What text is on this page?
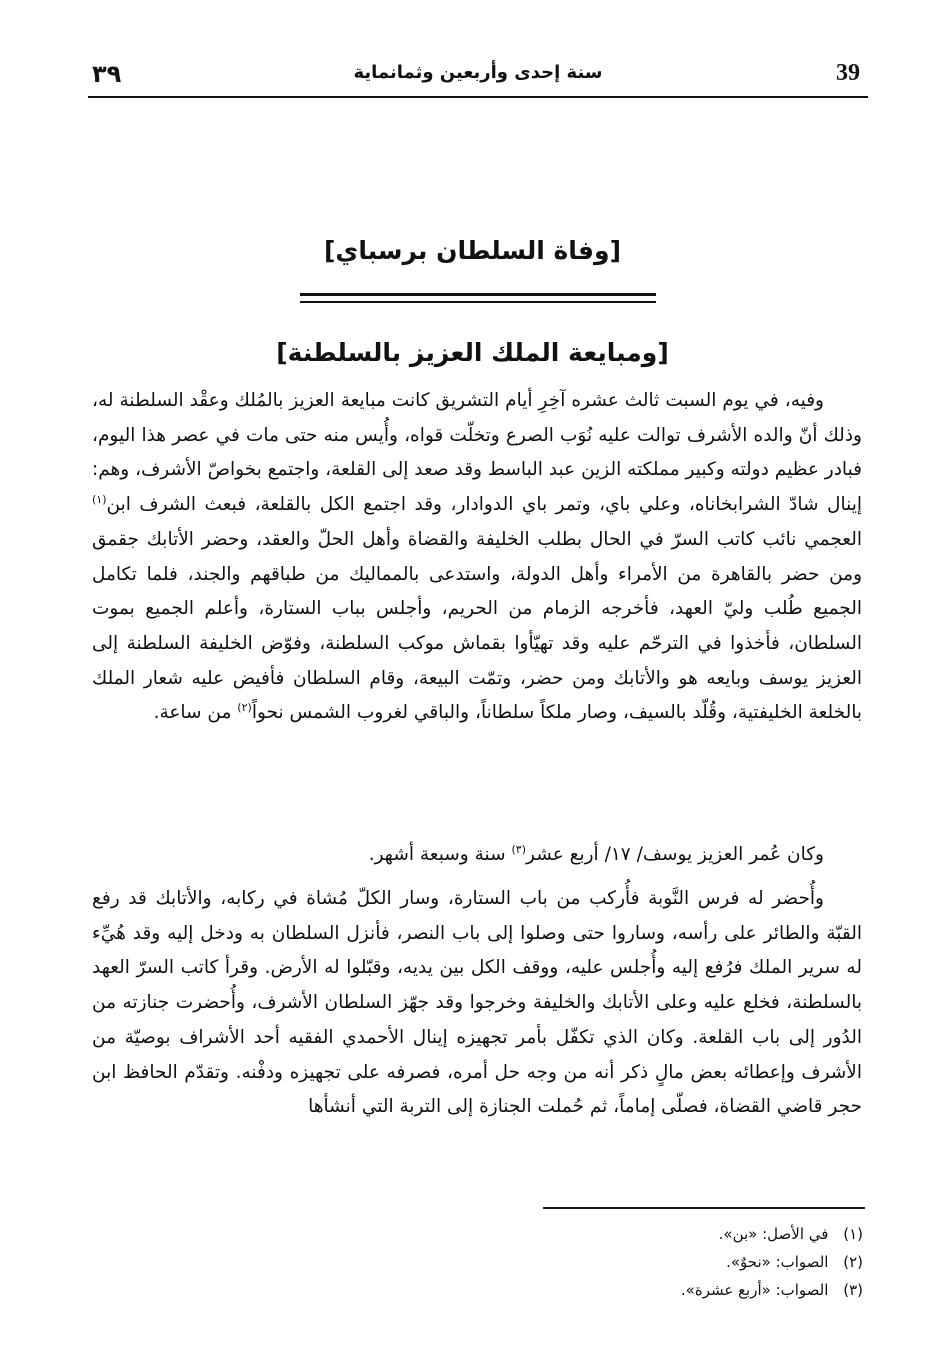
٣٩	سنة إحدى وأربعين وثمانماية	39
[وفاة السلطان برسباي]
[ومبايعة الملك العزيز بالسلطنة]

وفيه، في يوم السبت ثالث عشره آخِرِ أيام التشريق كانت مبايعة العزيز بالمُلك وعقْد السلطنة له، وذلك أنّ والده الأشرف توالت عليه نُوَب الصرع وتخلّت قواه، وأُيس منه حتى مات في عصر هذا اليوم، فبادر عظيم دولته وكبير مملكته الزين عبد الباسط وقد صعد إلى القلعة، واجتمع بخواصّ الأشرف، وهم: إينال شادّ الشرابخاناه، وعلي باي، وتمر باي الدوادار، وقد اجتمع الكل بالقلعة، فبعث الشرف ابن$^{(١)}$ العجمي نائب كاتب السرّ في الحال بطلب الخليفة والقضاة وأهل الحلّ والعقد، وحضر الأتابك جقمق ومن حضر بالقاهرة من الأمراء وأهل الدولة، واستدعى بالمماليك من طباقهم والجند، فلما تكامل الجميع طُلب وليّ العهد، فأخرجه الزمام من الحريم، وأجلس بباب الستارة، وأعلم الجميع بموت السلطان، فأخذوا في الترحّم عليه وقد تهيّأوا بقماش موكب السلطنة، وفوّض الخليفة السلطنة إلى العزيز يوسف وبايعه هو والأتابك ومن حضر، وتمّت البيعة، وقام السلطان فأفيض عليه شعار الملك بالخلعة الخليفتية، وقُلّد بالسيف، وصار ملكاً سلطاناً، والباقي لغروب الشمس نحواً$^{(٢)}$ من ساعة.

وكان عُمر العزيز يوسف/ ١٧/ أربع عشر$^{(٣)}$ سنة وسبعة أشهر.

وأُحضر له فرس النَّوبة فأُركب من باب الستارة، وسار الكلّ مُشاة في ركابه، والأتابك قد رفع القبّة والطائر على رأسه، وساروا حتى وصلوا إلى باب النصر، فأنزل السلطان به ودخل إليه وقد هُيِّء له سرير الملك فرُفع إليه وأُجلس عليه، ووقف الكل بين يديه، وقبّلوا له الأرض. وقرأ كاتب السرّ العهد بالسلطنة، فخلع عليه وعلى الأتابك والخليفة وخرجوا وقد جهّز السلطان الأشرف، وأُحضرت جنازته من الدُور إلى باب القلعة. وكان الذي تكفّل بأمر تجهيزه إينال الأحمدي الفقيه أحد الأشراف بوصيّة من الأشرف وإعطائه بعض مالٍ ذكر أنه من وجه حل أمره، فصرفه على تجهيزه ودفْنه. وتقدّم الحافظ ابن حجر قاضي القضاة، فصلّى إماماً، ثم حُملت الجنازة إلى التربة التي أنشأها

(١) في الأصل: «بن».
(٢) الصواب: «نحوٌ».
(٣) الصواب: «أربع عشرة».
